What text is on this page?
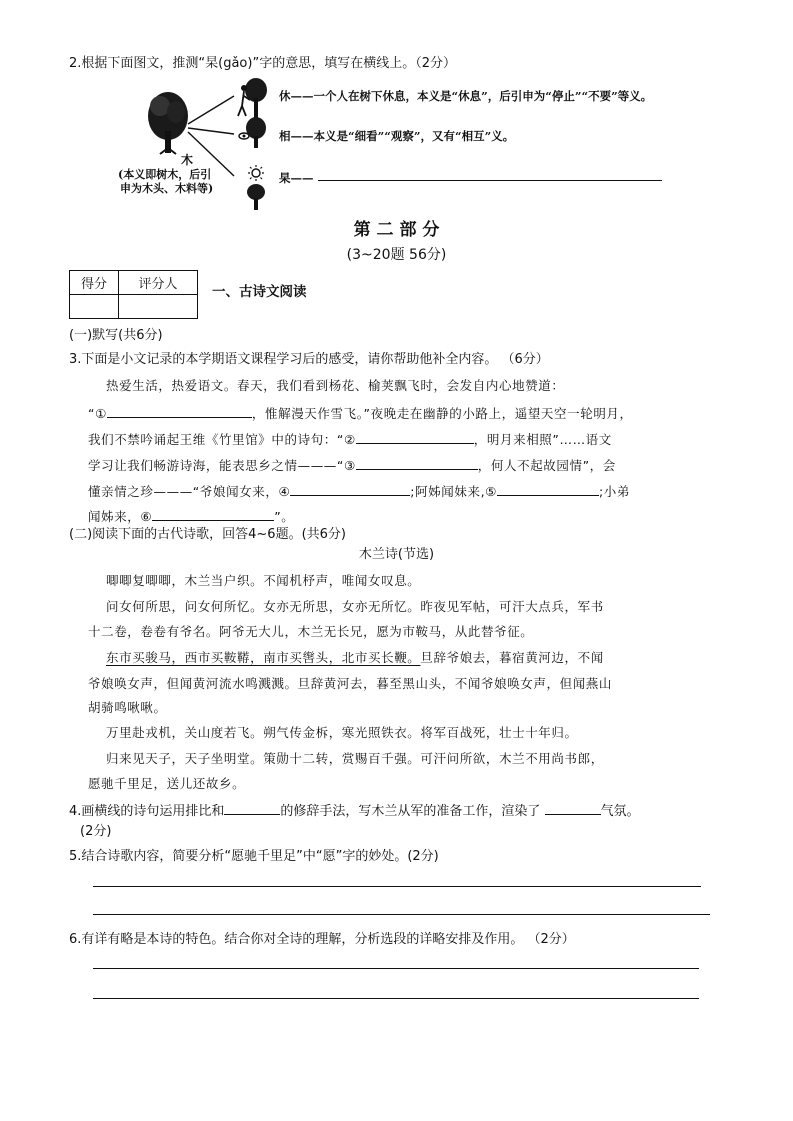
2.根据下面图文，推测“杲(gǎo)”字的意思，填写在横线上。（2分）
木
(本义即树木，后引
申为木头、木料等)
休——一个人在树下休息，本义是“休息”，后引申为“停止”“不要”等义。
相——本义是“细看”“观察”，又有“相互”义。
杲——
第 二 部 分
(3~20题 56分)
得分	评分人
		一、古诗文阅读
(一)默写(共6分)
3.下面是小文记录的本学期语文课程学习后的感受，请你帮助他补全内容。 （6分）
热爱生活，热爱语文。春天，我们看到杨花、榆荚飘飞时，会发自内心地赞道：
“①	，惟解漫天作雪飞。”夜晚走在幽静的小路上，遥望天空一轮明月，
我们不禁吟诵起王维《竹里馆》中的诗句：“②	，明月来相照”……语文
学习让我们畅游诗海，能表思乡之情———“③	，何人不起故园情”，会
懂亲情之珍———“爷娘闻女来，④	;阿姊闻妹来,⑤	;小弟
闻姊来，⑥	”。
(二)阅读下面的古代诗歌，回答4~6题。(共6分)
木兰诗(节选)
唧唧复唧唧，木兰当户织。不闻机杼声，唯闻女叹息。
问女何所思，问女何所忆。女亦无所思，女亦无所忆。昨夜见军帖，可汗大点兵，军书
十二卷，卷卷有爷名。阿爷无大儿，木兰无长兄，愿为市鞍马，从此替爷征。
东市买骏马，西市买鞍鞯，南市买辔头，北市买长鞭。旦辞爷娘去，暮宿黄河边，不闻
爷娘唤女声，但闻黄河流水鸣溅溅。旦辞黄河去，暮至黑山头，不闻爷娘唤女声，但闻燕山
胡骑鸣啾啾。
万里赴戎机，关山度若飞。朔气传金柝，寒光照铁衣。将军百战死，壮士十年归。
归来见天子，天子坐明堂。策勋十二转，赏赐百千强。可汗问所欲，木兰不用尚书郎，
愿驰千里足，送儿还故乡。
4.画横线的诗句运用排比和	的修辞手法，写木兰从军的准备工作，渲染了	气氛。
(2分)
5.结合诗歌内容，简要分析“愿驰千里足”中“愿”字的妙处。(2分)
6.有详有略是本诗的特色。结合你对全诗的理解，分析选段的详略安排及作用。 （2分）
